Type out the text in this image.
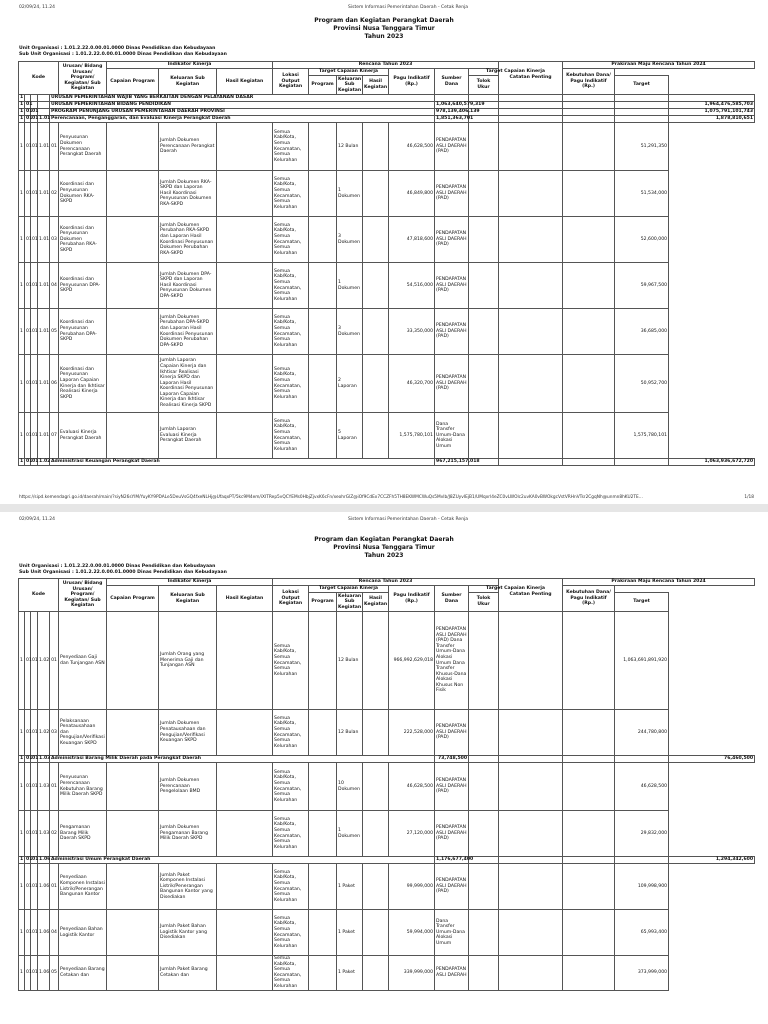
02/09/24, 11.24	Sistem Informasi Pemerintahan Daerah - Cetak Renja
Program dan Kegiatan Perangkat Daerah
Provinsi Nusa Tenggara Timur
Tahun 2023
Unit Organisasi : 1.01.2.22.0.00.01.0000 Dinas Pendidikan dan Kebudayaan
Sub Unit Organisasi : 1.01.2.22.0.00.01.0000 Dinas Pendidikan dan Kebudayaan
Kode					Urusan/ Bidang Urusan/ Program/ Kegiatan/ Sub Kegiatan	Indikator Kinerja			Rencana Tahun 2023							Catatan Penting	Prakiraan Maju Rencana Tahun 2024		
						Capaian Program	Keluaran Sub Kegiatan	Hasil Kegiatan	Lokasi Output Kegiatan	Target Capaian Kinerja			Pagu Indikatif (Rp.)	Sumber Dana	Target Capaian Kinerja		Kebutuhan Dana/ Pagu Indikatif (Rp.)		
										Program	Keluaran Sub Kegiatan	Hasil Kegiatan			Tolok Ukur			Target	

1				URUSAN PEMERINTAHAN WAJIB YANG BERKAITAN DENGAN PELAYANAN DASAR															
1	01			URUSAN PEMERINTAHAN BIDANG PENDIDIKAN										1,063,640,579,319					1,964,476,585,703
1	01	01		PROGRAM PENUNJANG URUSAN PEMERINTAHAN DAERAH PROVINSI										978,139,406,139					1,075,791,101,743
1	01	01	1.01	Perencanaan, Penganggaran, dan Evaluasi Kinerja Perangkat Daerah										1,851,363,701					1,878,810,651
1	01	01	1.01	01	Penyusunan Dokumen Perencanaan Perangkat Daerah		Jumlah Dokumen Perencanaan Perangkat Daerah		Semua Kab/Kota, Semua Kecamatan, Semua Kelurahan		12 Bulan		46,628,500	PENDAPATAN ASLI DAERAH (PAD)				51,291,350	
1	01	01	1.01	02	Koordinasi dan Penyusunan Dokumen RKA-SKPD		Jumlah Dokumen RKA-SKPD dan Laporan Hasil Koordinasi Penyusunan Dokumen RKA-SKPD		Semua Kab/Kota, Semua Kecamatan, Semua Kelurahan		1 Dokumen		46,849,800	PENDAPATAN ASLI DAERAH (PAD)				51,534,000	
1	01	01	1.01	03	Koordinasi dan Penyusunan Dokumen Perubahan RKA-SKPD		Jumlah Dokumen Perubahan RKA-SKPD dan Laporan Hasil Koordinasi Penyusunan Dokumen Perubahan RKA-SKPD		Semua Kab/Kota, Semua Kecamatan, Semua Kelurahan		3 Dokumen		47,818,600	PENDAPATAN ASLI DAERAH (PAD)				52,600,000	
1	01	01	1.01	04	Koordinasi dan Penyusunan DPA-SKPD		Jumlah Dokumen DPA-SKPD dan Laporan Hasil Koordinasi Penyusunan Dokumen DPA-SKPD		Semua Kab/Kota, Semua Kecamatan, Semua Kelurahan		1 Dokumen		54,516,000	PENDAPATAN ASLI DAERAH (PAD)				59,967,500	
1	01	01	1.01	05	Koordinasi dan Penyusunan Perubahan DPA- SKPD		Jumlah Dokumen Perubahan DPA-SKPD dan Laporan Hasil Koordinasi Penyusunan Dokumen Perubahan DPA-SKPD		Semua Kab/Kota, Semua Kecamatan, Semua Kelurahan		3 Dokumen		33,350,000	PENDAPATAN ASLI DAERAH (PAD)				36,685,000	
1	01	01	1.01	06	Koordinasi dan Penyusunan Laporan Capaian Kinerja dan Ikhtisar Realisasi Kinerja SKPD		Jumlah Laporan Capaian Kinerja dan Ikhtisar Realisasi Kinerja SKPD dan Laporan Hasil Koordinasi Penyusunan Laporan Capaian Kinerja dan Ikhtisar Realisasi Kinerja SKPD		Semua Kab/Kota, Semua Kecamatan, Semua Kelurahan		2 Laporan		46,320,700	PENDAPATAN ASLI DAERAH (PAD)				50,952,700	
1	01	01	1.01	07	Evaluasi Kinerja Perangkat Daerah		Jumlah Laporan Evaluasi Kinerja Perangkat Daerah		Semua Kab/Kota, Semua Kecamatan, Semua Kelurahan		5 Laporan		1,575,780,101	Dana Transfer Umum-Dana Alokasi Umum				1,575,780,101	
1	01	01	1.02	Administrasi Keuangan Perangkat Daerah										967,215,157,018					1,063,936,672,720
https://sipd.kemendagri.go.id/daerah/main/?siyN26sYlM/YuyKY9PDALe5DeuVsGQ4fxeNLHj@UfaqxPT/5kc9M4em/iXITRep5vQCYEMs0HbjZjvxK6cFn/xeohrGlZ@iOf9CdEx7CCZFh5TH8EKWMCWuQs5Mvlb/J8ZUyvIEjB1/UMqxrl4eZC0vLWOlc2uvKA0vBWOkgcVstVRHnVTsr2CgqNh@unmn8hKU2TE...	1/18
02/09/24, 11.24	Sistem Informasi Pemerintahan Daerah - Cetak Renja
Program dan Kegiatan Perangkat Daerah
Provinsi Nusa Tenggara Timur
Tahun 2023
Unit Organisasi : 1.01.2.22.0.00.01.0000 Dinas Pendidikan dan Kebudayaan
Sub Unit Organisasi : 1.01.2.22.0.00.01.0000 Dinas Pendidikan dan Kebudayaan
Kode					Urusan/ Bidang Urusan/ Program/ Kegiatan/ Sub Kegiatan	Indikator Kinerja			Rencana Tahun 2023							Catatan Penting	Prakiraan Maju Rencana Tahun 2024		
						Capaian Program	Keluaran Sub Kegiatan	Hasil Kegiatan	Lokasi Output Kegiatan	Target Capaian Kinerja			Pagu Indikatif (Rp.)	Sumber Dana	Target Capaian Kinerja		Kebutuhan Dana/ Pagu Indikatif (Rp.)		
										Program	Keluaran Sub Kegiatan	Hasil Kegiatan			Tolok Ukur			Target	

1	01	01	1.02	01	Penyediaan Gaji dan Tunjangan ASN		Jumlah Orang yang Menerima Gaji dan Tunjangan ASN		Semua Kab/Kota, Semua Kecamatan, Semua Kelurahan		12 Bulan		966,992,629,018	PENDAPATAN ASLI DAERAH (PAD) Dana Transfer Umum-Dana Alokasi Umum Dana Transfer Khusus-Dana Alokasi Khusus Non Fisik				1,063,691,891,920	
1	01	01	1.02	03	Pelaksanaan Penatausahaan dan Pengujian/Verifikasi Keuangan SKPD		Jumlah Dokumen Penatausahaan dan Pengujian/Verifikasi Keuangan SKPD		Semua Kab/Kota, Semua Kecamatan, Semua Kelurahan		12 Bulan		222,528,000	PENDAPATAN ASLI DAERAH (PAD)				244,780,800	
1	01	01	1.03	Administrasi Barang Milik Daerah pada Perangkat Daerah										73,748,500					76,460,500
1	01	01	1.03	01	Penyusunan Perencanaan Kebutuhan Barang Milik Daerah SKPD		Jumlah Dokumen Perencanaan Pengelolaan BMD		Semua Kab/Kota, Semua Kecamatan, Semua Kelurahan		10 Dokumen		46,628,500	PENDAPATAN ASLI DAERAH (PAD)				46,628,500	
1	01	01	1.03	02	Pengamanan Barang Milik Daerah SKPD		Jumlah Dokumen Pengamanan Barang Milik Daerah SKPD		Semua Kab/Kota, Semua Kecamatan, Semua Kelurahan		1 Dokumen		27,120,000	PENDAPATAN ASLI DAERAH (PAD)				29,832,000	
1	01	01	1.06	Administrasi Umum Perangkat Daerah										1,176,677,400					1,294,342,600
1	01	01	1.06	01	Penyediaan Komponen Instalasi Listrik/Penerangan Bangunan Kantor		Jumlah Paket Komponen Instalasi Listrik/Penerangan Bangunan Kantor yang Disediakan		Semua Kab/Kota, Semua Kecamatan, Semua Kelurahan		1 Paket		99,999,000	PENDAPATAN ASLI DAERAH (PAD)				109,998,900	
1	01	01	1.06	04	Penyediaan Bahan Logistik Kantor		Jumlah Paket Bahan Logistik Kantor yang Disediakan		Semua Kab/Kota, Semua Kecamatan, Semua Kelurahan		1 Paket		59,994,000	Dana Transfer Umum-Dana Alokasi Umum				65,993,400	
1	01	01	1.06	05	Penyediaan Barang Cetakan dan		Jumlah Paket Barang Cetakan dan		Semua Kab/Kota, Semua Kecamatan, Semua Kelurahan		1 Paket		339,999,000	PENDAPATAN ASLI DAERAH				373,999,000	
